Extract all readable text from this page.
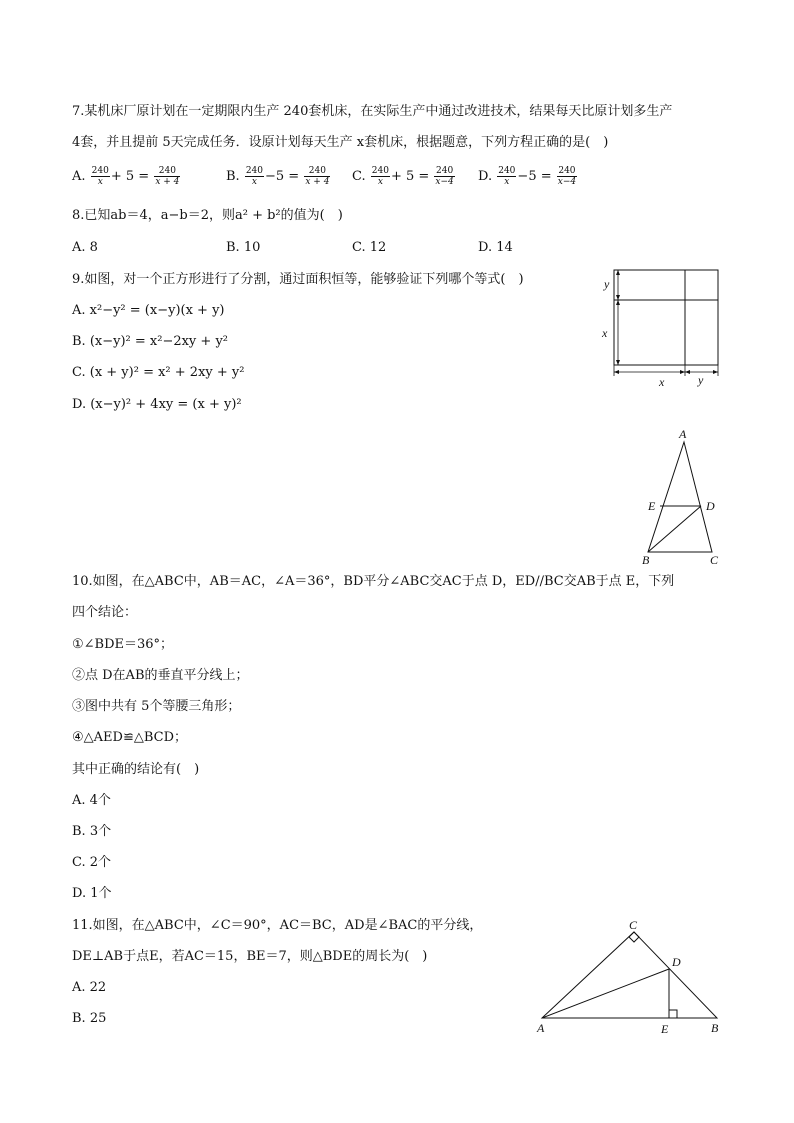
7.某机床厂原计划在一定期限内生产 240套机床，在实际生产中通过改进技术，结果每天比原计划多生产
4套，并且提前 5天完成任务．设原计划每天生产 x套机床，根据题意，下列方程正确的是(　)
A. $\frac{240}{x} + 5 = \frac{240}{x + 4}$	B. $\frac{240}{x} -5 = \frac{240}{x + 4} C$. $\frac{240}{x} + 5 = \frac{240}{x-4} D$. $\frac{240}{x} -5 = \frac{240}{x-4}$
8.已知ab＝4，a−b＝2，则a² + b²的值为(　)
A. 8	B. 10	C. 12	D. 14
9.如图，对一个正方形进行了分割，通过面积恒等，能够验证下列哪个等式(　)
A. x²−y² = (x−y)(x + y)
B. (x−y)² = x²−2xy + y²
C. (x + y)² = x² + 2xy + y²
D. (x−y)² + 4xy = (x + y)²
y
x
x	y
A
E	D
B	C
10.如图，在△ABC中，AB＝AC，∠A＝36°，BD平分∠ABC交AC于点 D，ED//BC交AB于点 E，下列
四个结论：
①∠BDE＝36°；
②点 D在AB的垂直平分线上；
③图中共有 5个等腰三角形；
④△AED≌△BCD；
其中正确的结论有(　)
A. 4个
B. 3个
C. 2个
D. 1个
11.如图，在△ABC中，∠C＝90°，AC＝BC，AD是∠BAC的平分线，
DE⊥AB于点E，若AC＝15，BE＝7，则△BDE的周长为(　)
A. 22
B. 25
C
D
A	E	B
